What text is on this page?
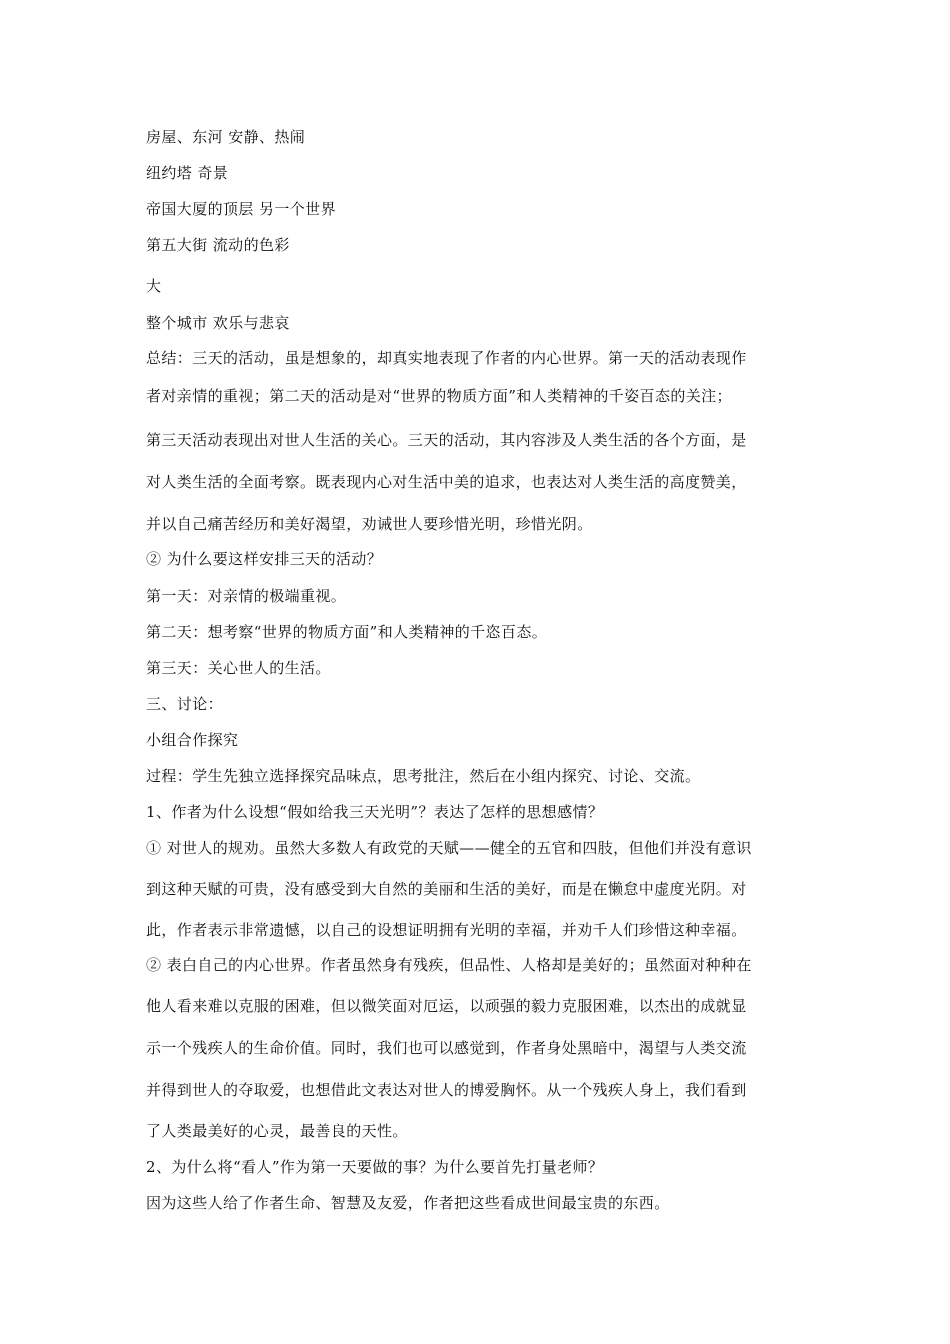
房屋、东河 安静、热闹
纽约塔 奇景
帝国大厦的顶层 另一个世界
第五大街 流动的色彩
大
整个城市 欢乐与悲哀
总结：三天的活动，虽是想象的，却真实地表现了作者的内心世界。第一天的活动表现作
者对亲情的重视；第二天的活动是对“世界的物质方面”和人类精神的千姿百态的关注；
第三天活动表现出对世人生活的关心。三天的活动，其内容涉及人类生活的各个方面，是
对人类生活的全面考察。既表现内心对生活中美的追求，也表达对人类生活的高度赞美，
并以自己痛苦经历和美好渴望，劝诫世人要珍惜光明，珍惜光阴。
② 为什么要这样安排三天的活动？
第一天：对亲情的极端重视。
第二天：想考察“世界的物质方面”和人类精神的千恣百态。
第三天：关心世人的生活。
三、讨论：
小组合作探究
过程：学生先独立选择探究品味点，思考批注，然后在小组内探究、讨论、交流。
1、作者为什么设想“假如给我三天光明”？表达了怎样的思想感情？
① 对世人的规劝。虽然大多数人有政党的天赋——健全的五官和四肢，但他们并没有意识
到这种天赋的可贵，没有感受到大自然的美丽和生活的美好，而是在懒怠中虚度光阴。对
此，作者表示非常遗憾，以自己的设想证明拥有光明的幸福，并劝千人们珍惜这种幸福。
② 表白自己的内心世界。作者虽然身有残疾，但品性、人格却是美好的；虽然面对种种在
他人看来难以克服的困难，但以微笑面对厄运，以顽强的毅力克服困难，以杰出的成就显
示一个残疾人的生命价值。同时，我们也可以感觉到，作者身处黑暗中，渴望与人类交流
并得到世人的夺取爱，也想借此文表达对世人的博爱胸怀。从一个残疾人身上，我们看到
了人类最美好的心灵，最善良的天性。
2、为什么将“看人”作为第一天要做的事？为什么要首先打量老师？
因为这些人给了作者生命、智慧及友爱，作者把这些看成世间最宝贵的东西。
